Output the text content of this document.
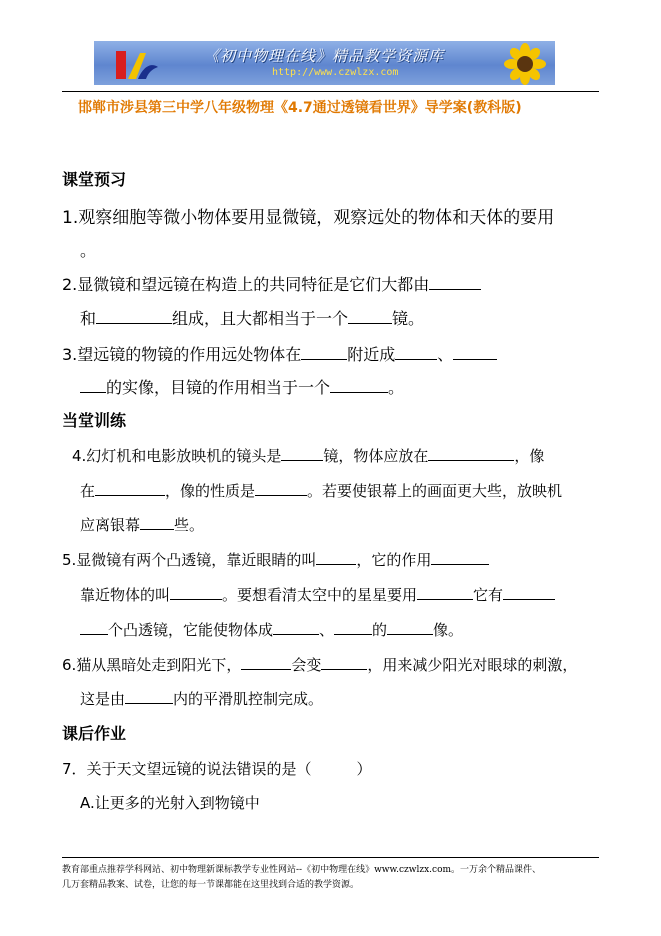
《初中物理在线》精品教学资源库
http://www.czwlzx.com
邯郸市涉县第三中学八年级物理《4.7通过透镜看世界》导学案(教科版)
课堂预习
1.观察细胞等微小物体要用显微镜，观察远处的物体和天体的要用
。
2.显微镜和望远镜在构造上的共同特征是它们大都由
和	组成，且大都相当于一个	镜。
3.望远镜的物镜的作用远处物体在	附近成	、
的实像，目镜的作用相当于一个	。
当堂训练
4.幻灯机和电影放映机的镜头是	镜，物体应放在	，像
在	，像的性质是	。若要使银幕上的画面更大些，放映机
应离银幕 些。
5.显微镜有两个凸透镜，靠近眼睛的叫	，它的作用
靠近物体的叫	。要想看清太空中的星星要用	它有
个凸透镜，它能使物体成	、	的	像。
6.猫从黑暗处走到阳光下，	会变	，用来减少阳光对眼球的刺激，
这是由	内的平滑肌控制完成。
课后作业
7．关于天文望远镜的说法错误的是（　　　）
A.让更多的光射入到物镜中
教育部重点推荐学科网站、初中物理新课标教学专业性网站--《初中物理在线》www.czwlzx.com。一万余个精品课件、
几万套精品教案、试卷，让您的每一节课都能在这里找到合适的教学资源。
